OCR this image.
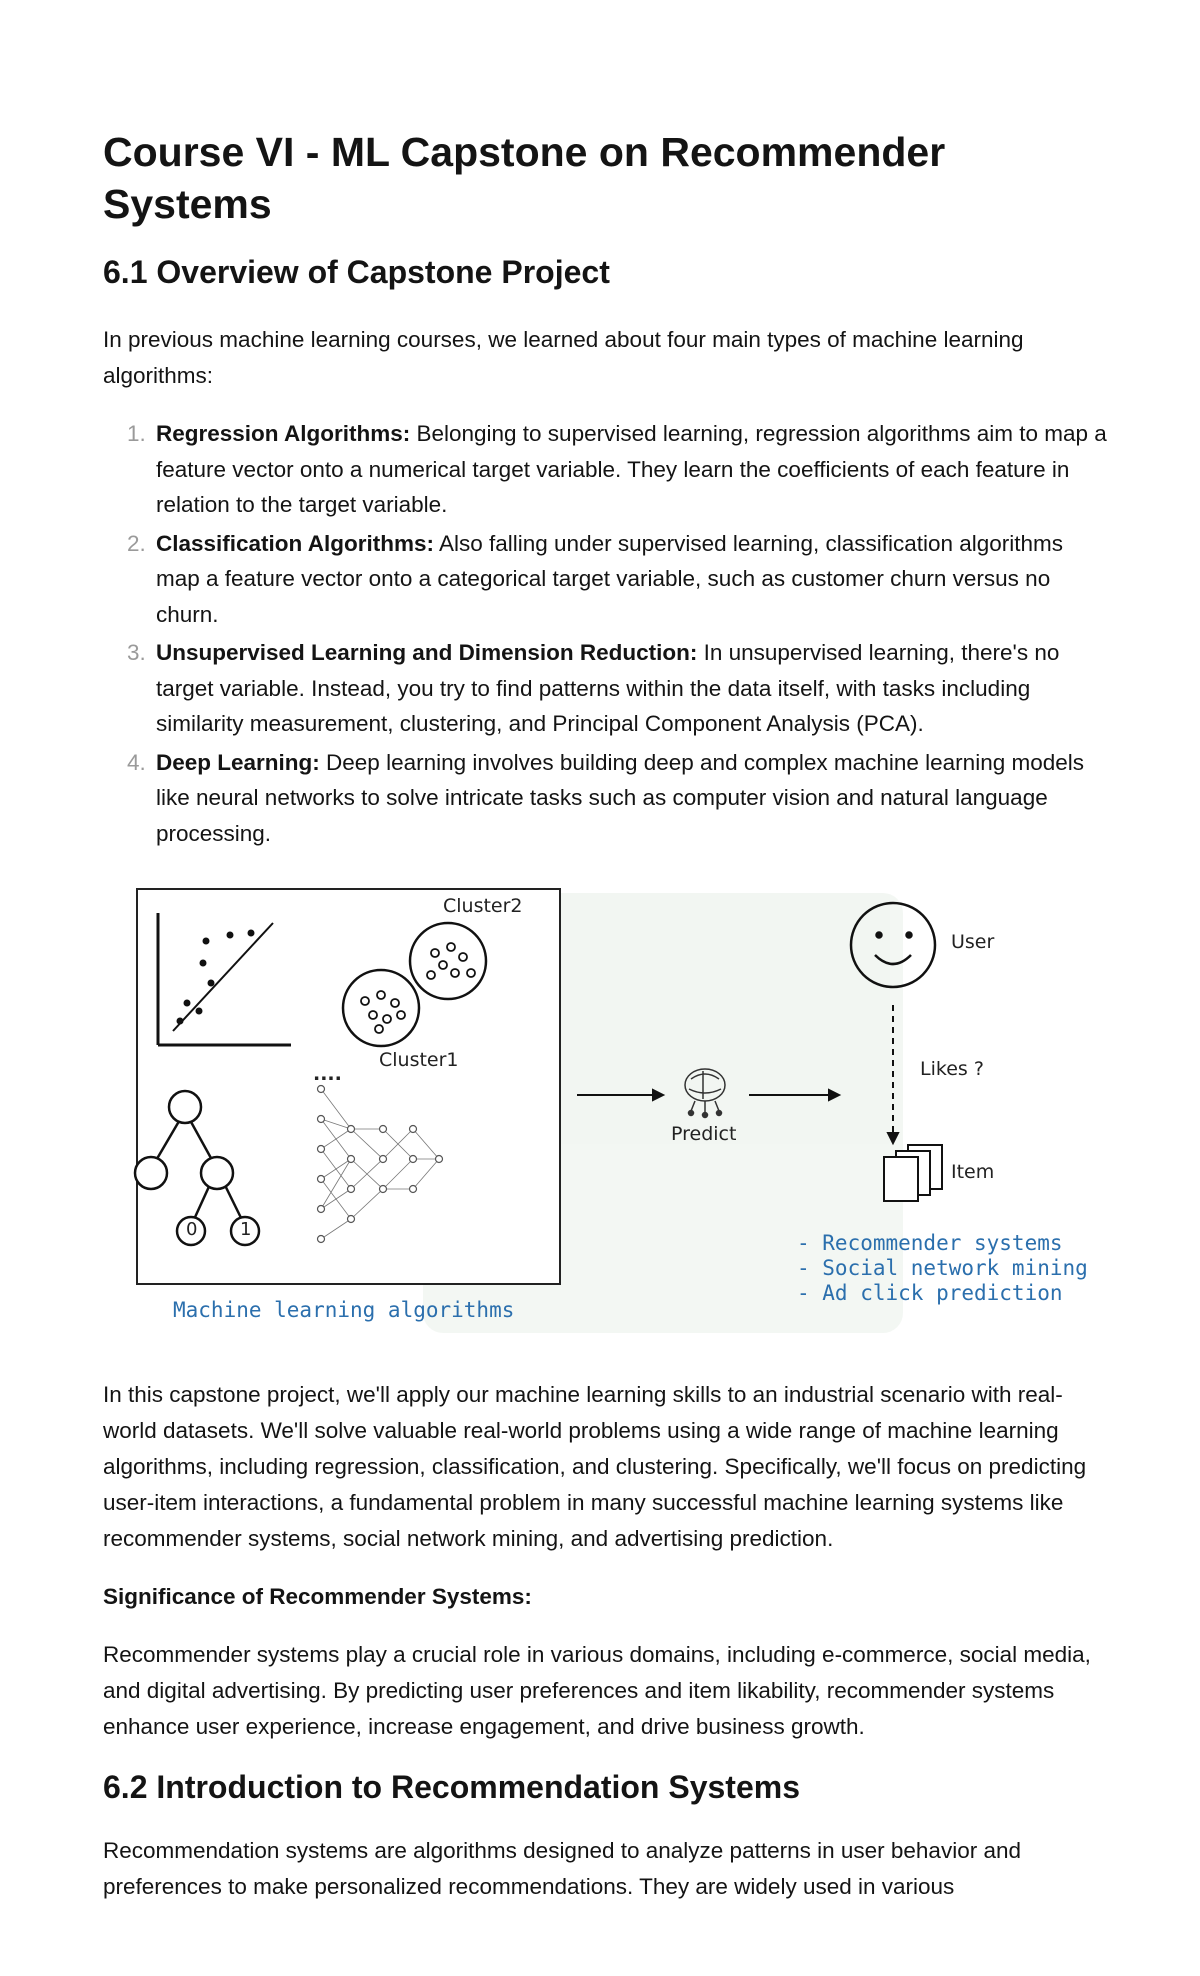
Course VI - ML Capstone on Recommender Systems
6.1 Overview of Capstone Project

In previous machine learning courses, we learned about four main types of machine learning algorithms:

1. Regression Algorithms: Belonging to supervised learning, regression algorithms aim to map a feature vector onto a numerical target variable. They learn the coefficients of each feature in relation to the target variable.
2. Classification Algorithms: Also falling under supervised learning, classification algorithms map a feature vector onto a categorical target variable, such as customer churn versus no churn.
3. Unsupervised Learning and Dimension Reduction: In unsupervised learning, there's no target variable. Instead, you try to find patterns within the data itself, with tasks including similarity measurement, clustering, and Principal Component Analysis (PCA).
4. Deep Learning: Deep learning involves building deep and complex machine learning models like neural networks to solve intricate tasks such as computer vision and natural language processing.
Cluster2
Cluster1
....
0 1
Machine learning algorithms
Predict
User
Likes ?
Item
- Recommender systems
- Social network mining
- Ad click prediction

In this capstone project, we'll apply our machine learning skills to an industrial scenario with real-world datasets. We'll solve valuable real-world problems using a wide range of machine learning algorithms, including regression, classification, and clustering. Specifically, we'll focus on predicting user-item interactions, a fundamental problem in many successful machine learning systems like recommender systems, social network mining, and advertising prediction.

Significance of Recommender Systems:

Recommender systems play a crucial role in various domains, including e-commerce, social media, and digital advertising. By predicting user preferences and item likability, recommender systems enhance user experience, increase engagement, and drive business growth.

6.2 Introduction to Recommendation Systems

Recommendation systems are algorithms designed to analyze patterns in user behavior and preferences to make personalized recommendations. They are widely used in various
